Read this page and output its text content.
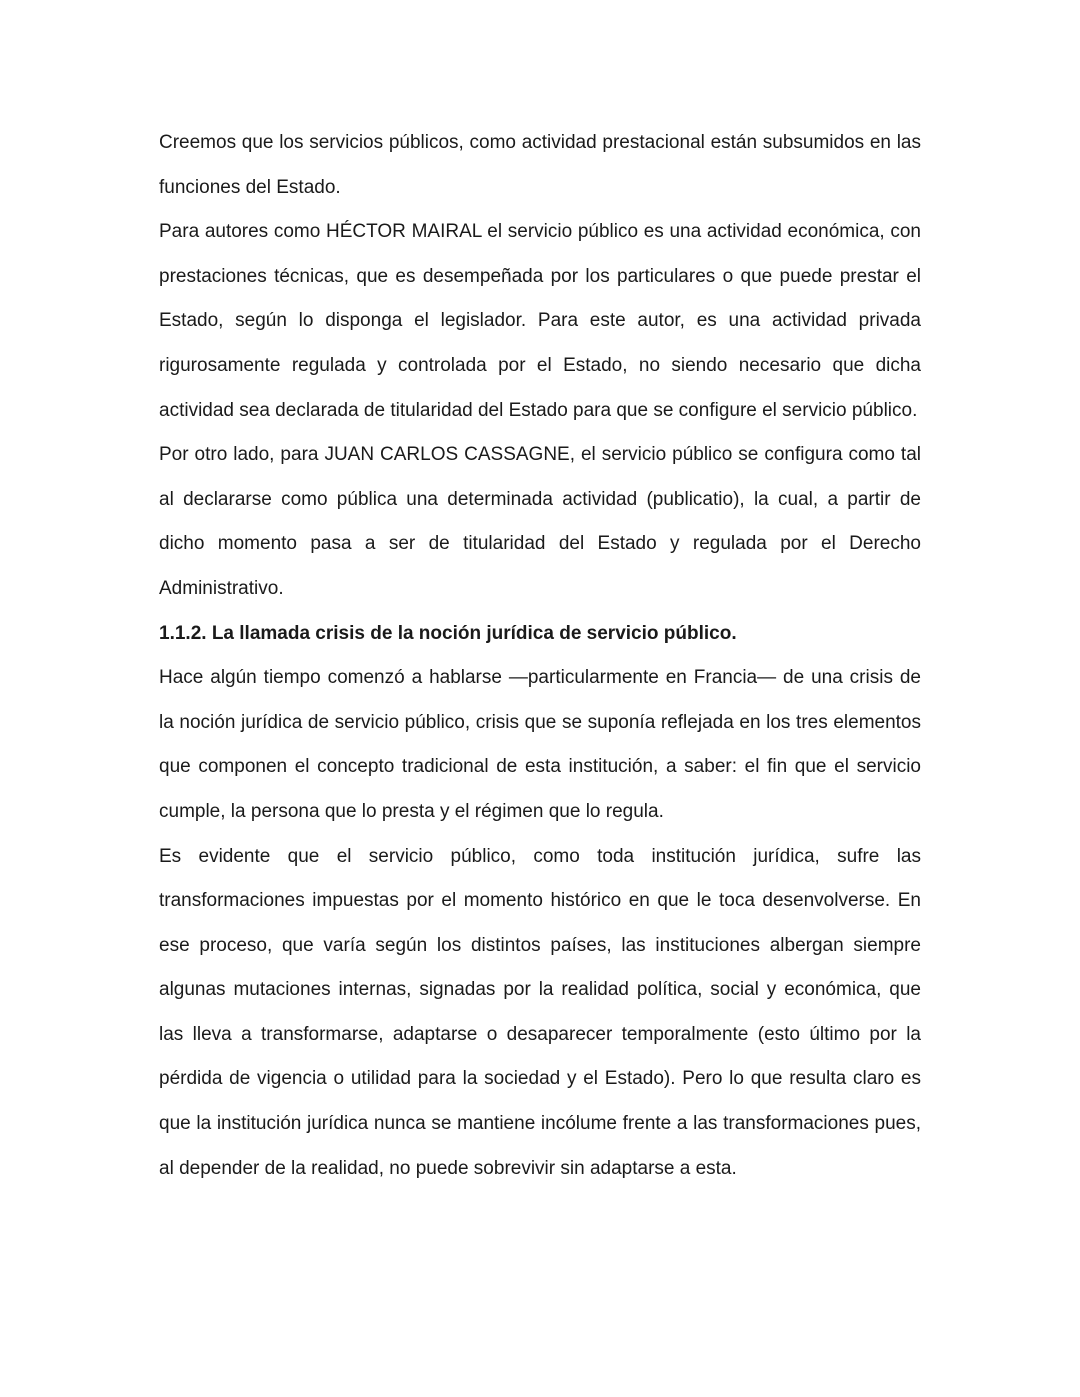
Creemos que los servicios públicos, como actividad prestacional están subsumidos en las funciones del Estado.

Para autores como HÉCTOR MAIRAL el servicio público es una actividad económica, con prestaciones técnicas, que es desempeñada por los particulares o que puede prestar el Estado, según lo disponga el legislador. Para este autor, es una actividad privada rigurosamente regulada y controlada por el Estado, no siendo necesario que dicha actividad sea declarada de titularidad del Estado para que se configure el servicio público.

Por otro lado, para JUAN CARLOS CASSAGNE, el servicio público se configura como tal al declararse como pública una determinada actividad (publicatio), la cual, a partir de dicho momento pasa a ser de titularidad del Estado y regulada por el Derecho Administrativo.

1.1.2. La llamada crisis de la noción jurídica de servicio público.

Hace algún tiempo comenzó a hablarse —particularmente en Francia— de una crisis de la noción jurídica de servicio público, crisis que se suponía reflejada en los tres elementos que componen el concepto tradicional de esta institución, a saber: el fin que el servicio cumple, la persona que lo presta y el régimen que lo regula.

Es evidente que el servicio público, como toda institución jurídica, sufre las transformaciones impuestas por el momento histórico en que le toca desenvolverse. En ese proceso, que varía según los distintos países, las instituciones albergan siempre algunas mutaciones internas, signadas por la realidad política, social y económica, que las lleva a transformarse, adaptarse o desaparecer temporalmente (esto último por la pérdida de vigencia o utilidad para la sociedad y el Estado). Pero lo que resulta claro es que la institución jurídica nunca se mantiene incólume frente a las transformaciones pues, al depender de la realidad, no puede sobrevivir sin adaptarse a esta.
